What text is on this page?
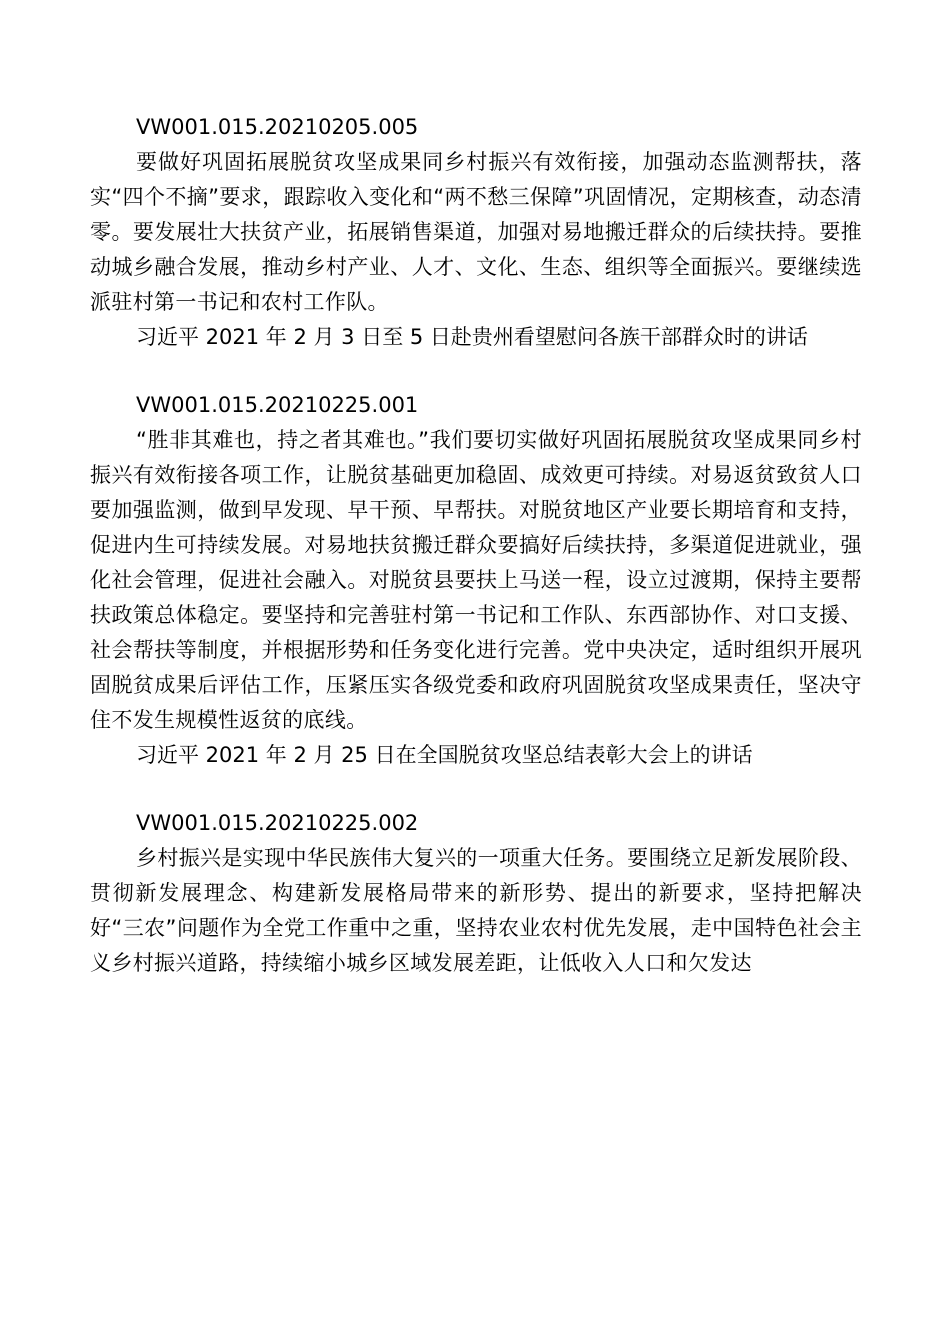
VW001.015.20210205.005

要做好巩固拓展脱贫攻坚成果同乡村振兴有效衔接，加强动态监测帮扶，落实“四个不摘”要求，跟踪收入变化和“两不愁三保障”巩固情况，定期核查，动态清零。要发展壮大扶贫产业，拓展销售渠道，加强对易地搬迁群众的后续扶持。要推动城乡融合发展，推动乡村产业、人才、文化、生态、组织等全面振兴。要继续选派驻村第一书记和农村工作队。

习近平 2021 年 2 月 3 日至 5 日赴贵州看望慰问各族干部群众时的讲话

VW001.015.20210225.001

“胜非其难也，持之者其难也。”我们要切实做好巩固拓展脱贫攻坚成果同乡村振兴有效衔接各项工作，让脱贫基础更加稳固、成效更可持续。对易返贫致贫人口要加强监测，做到早发现、早干预、早帮扶。对脱贫地区产业要长期培育和支持，促进内生可持续发展。对易地扶贫搬迁群众要搞好后续扶持，多渠道促进就业，强化社会管理，促进社会融入。对脱贫县要扶上马送一程，设立过渡期，保持主要帮扶政策总体稳定。要坚持和完善驻村第一书记和工作队、东西部协作、对口支援、社会帮扶等制度，并根据形势和任务变化进行完善。党中央决定，适时组织开展巩固脱贫成果后评估工作，压紧压实各级党委和政府巩固脱贫攻坚成果责任，坚决守住不发生规模性返贫的底线。

习近平 2021 年 2 月 25 日在全国脱贫攻坚总结表彰大会上的讲话

VW001.015.20210225.002

乡村振兴是实现中华民族伟大复兴的一项重大任务。要围绕立足新发展阶段、贯彻新发展理念、构建新发展格局带来的新形势、提出的新要求，坚持把解决好“三农”问题作为全党工作重中之重，坚持农业农村优先发展，走中国特色社会主义乡村振兴道路，持续缩小城乡区域发展差距，让低收入人口和欠发达
